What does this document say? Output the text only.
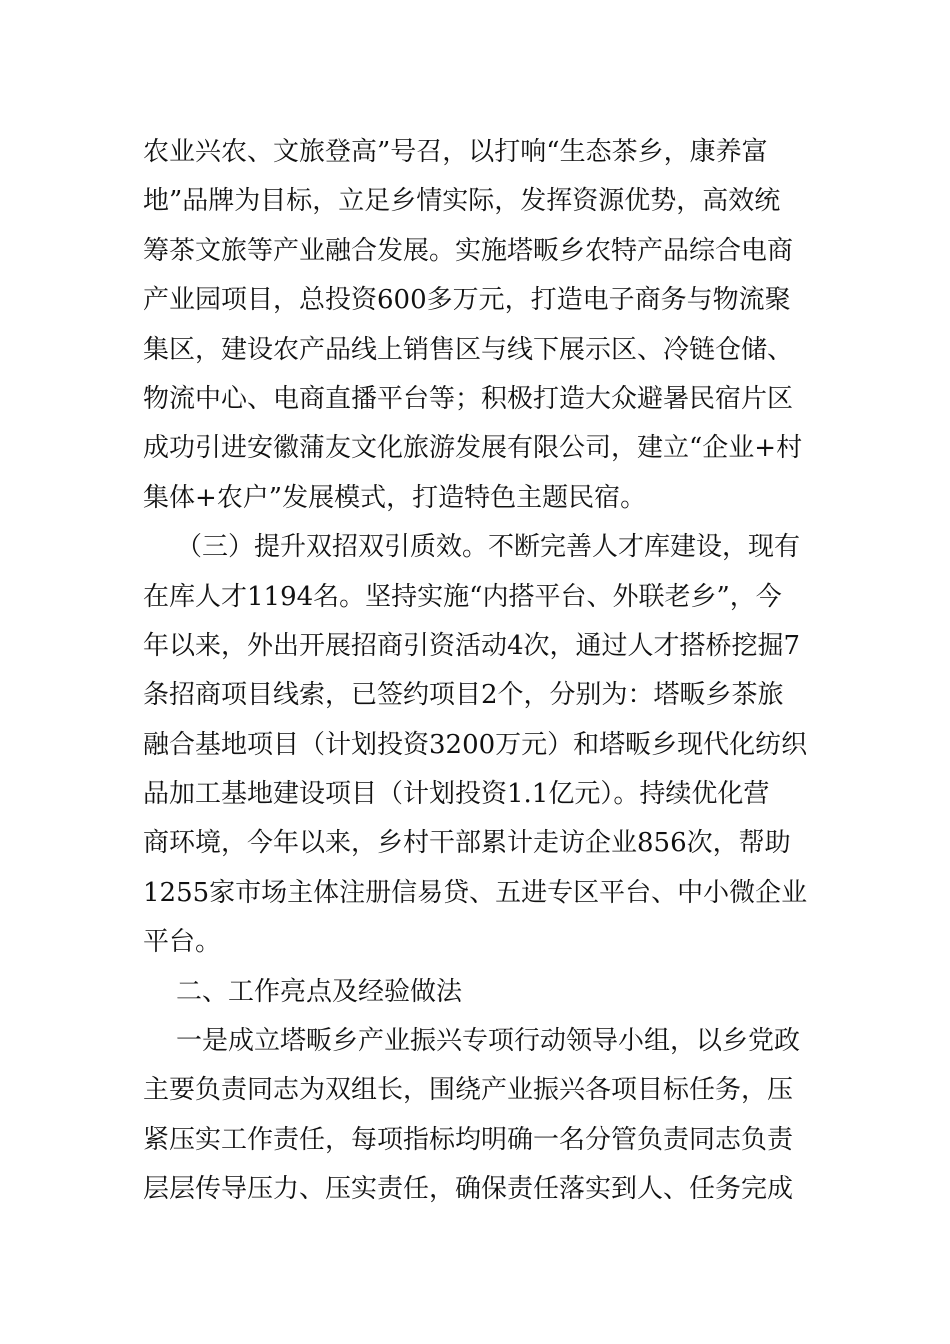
农业兴农、文旅登高”号召，以打响“生态茶乡，康养富
地”品牌为目标，立足乡情实际，发挥资源优势，高效统
筹茶文旅等产业融合发展。实施塔畈乡农特产品综合电商
产业园项目，总投资600多万元，打造电子商务与物流聚
集区，建设农产品线上销售区与线下展示区、冷链仓储、
物流中心、电商直播平台等；积极打造大众避暑民宿片区
成功引进安徽蒲友文化旅游发展有限公司，建立“企业+村
集体+农户”发展模式，打造特色主题民宿。
（三）提升双招双引质效。不断完善人才库建设，现有
在库人才1194名。坚持实施“内搭平台、外联老乡”，今
年以来，外出开展招商引资活动4次，通过人才搭桥挖掘7
条招商项目线索，已签约项目2个，分别为：塔畈乡茶旅
融合基地项目（计划投资3200万元）和塔畈乡现代化纺织
品加工基地建设项目（计划投资1.1亿元）。持续优化营
商环境，今年以来，乡村干部累计走访企业856次，帮助
1255家市场主体注册信易贷、五进专区平台、中小微企业
平台。
二、工作亮点及经验做法
一是成立塔畈乡产业振兴专项行动领导小组，以乡党政
主要负责同志为双组长，围绕产业振兴各项目标任务，压
紧压实工作责任，每项指标均明确一名分管负责同志负责
层层传导压力、压实责任，确保责任落实到人、任务完成
